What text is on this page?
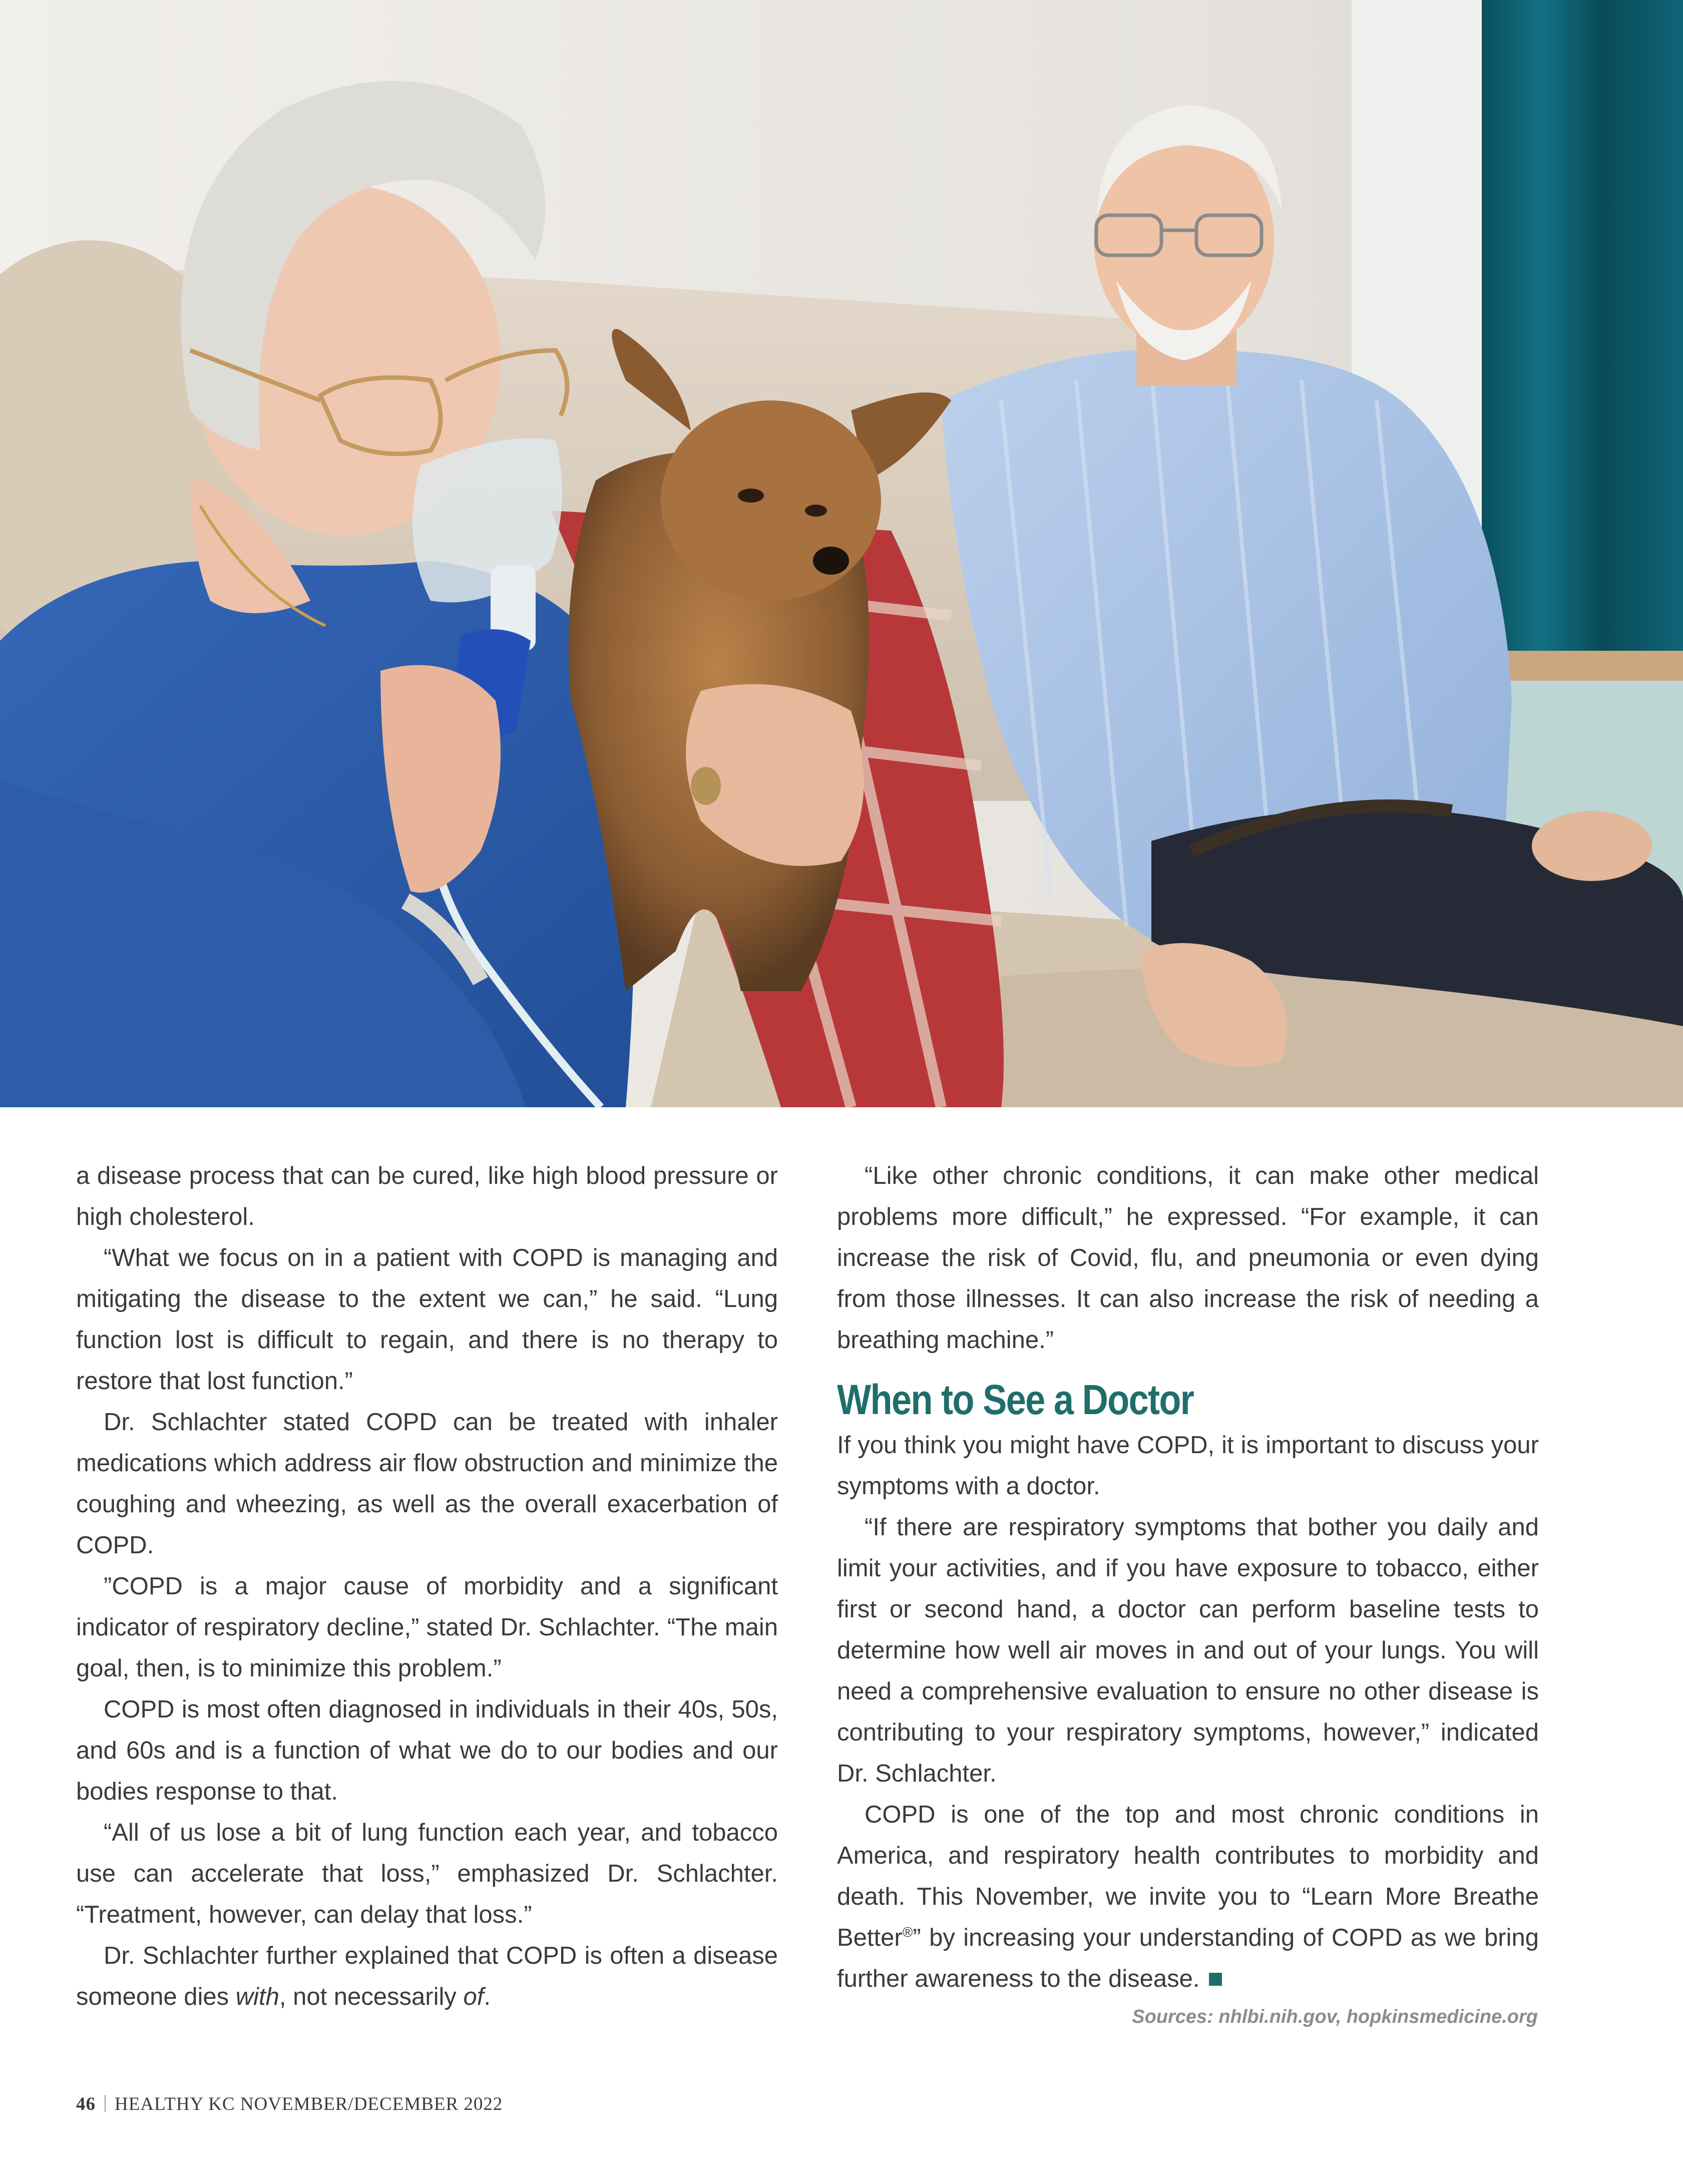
a disease process that can be cured, like high blood pressure or high cholesterol.

“What we focus on in a patient with COPD is managing and mitigating the disease to the extent we can,” he said. “Lung function lost is difficult to regain, and there is no therapy to restore that lost function.”

Dr. Schlachter stated COPD can be treated with inhaler medications which address air flow obstruction and minimize the coughing and wheezing, as well as the overall exacerbation of COPD.

”COPD is a major cause of morbidity and a significant indicator of respiratory decline,” stated Dr. Schlachter. “The main goal, then, is to minimize this problem.”

COPD is most often diagnosed in individuals in their 40s, 50s, and 60s and is a function of what we do to our bodies and our bodies response to that.

“All of us lose a bit of lung function each year, and tobacco use can accelerate that loss,” emphasized Dr. Schlachter. “Treatment, however, can delay that loss.”

Dr. Schlachter further explained that COPD is often a disease someone dies with, not necessarily of.

“Like other chronic conditions, it can make other medical problems more difficult,” he expressed. “For example, it can increase the risk of Covid, flu, and pneumonia or even dying from those illnesses. It can also increase the risk of needing a breathing machine.”

When to See a Doctor

If you think you might have COPD, it is important to discuss your symptoms with a doctor.

“If there are respiratory symptoms that bother you daily and limit your activities, and if you have exposure to tobacco, either first or second hand, a doctor can perform baseline tests to determine how well air moves in and out of your lungs. You will need a comprehensive evaluation to ensure no other disease is contributing to your respiratory symptoms, however,” indicated Dr. Schlachter.

COPD is one of the top and most chronic conditions in America, and respiratory health contributes to morbidity and death. This November, we invite you to “Learn More Breathe Better®” by increasing your understanding of COPD as we bring further awareness to the disease.

Sources: nhlbi.nih.gov, hopkinsmedicine.org
46 HEALTHY KC NOVEMBER/DECEMBER 2022
